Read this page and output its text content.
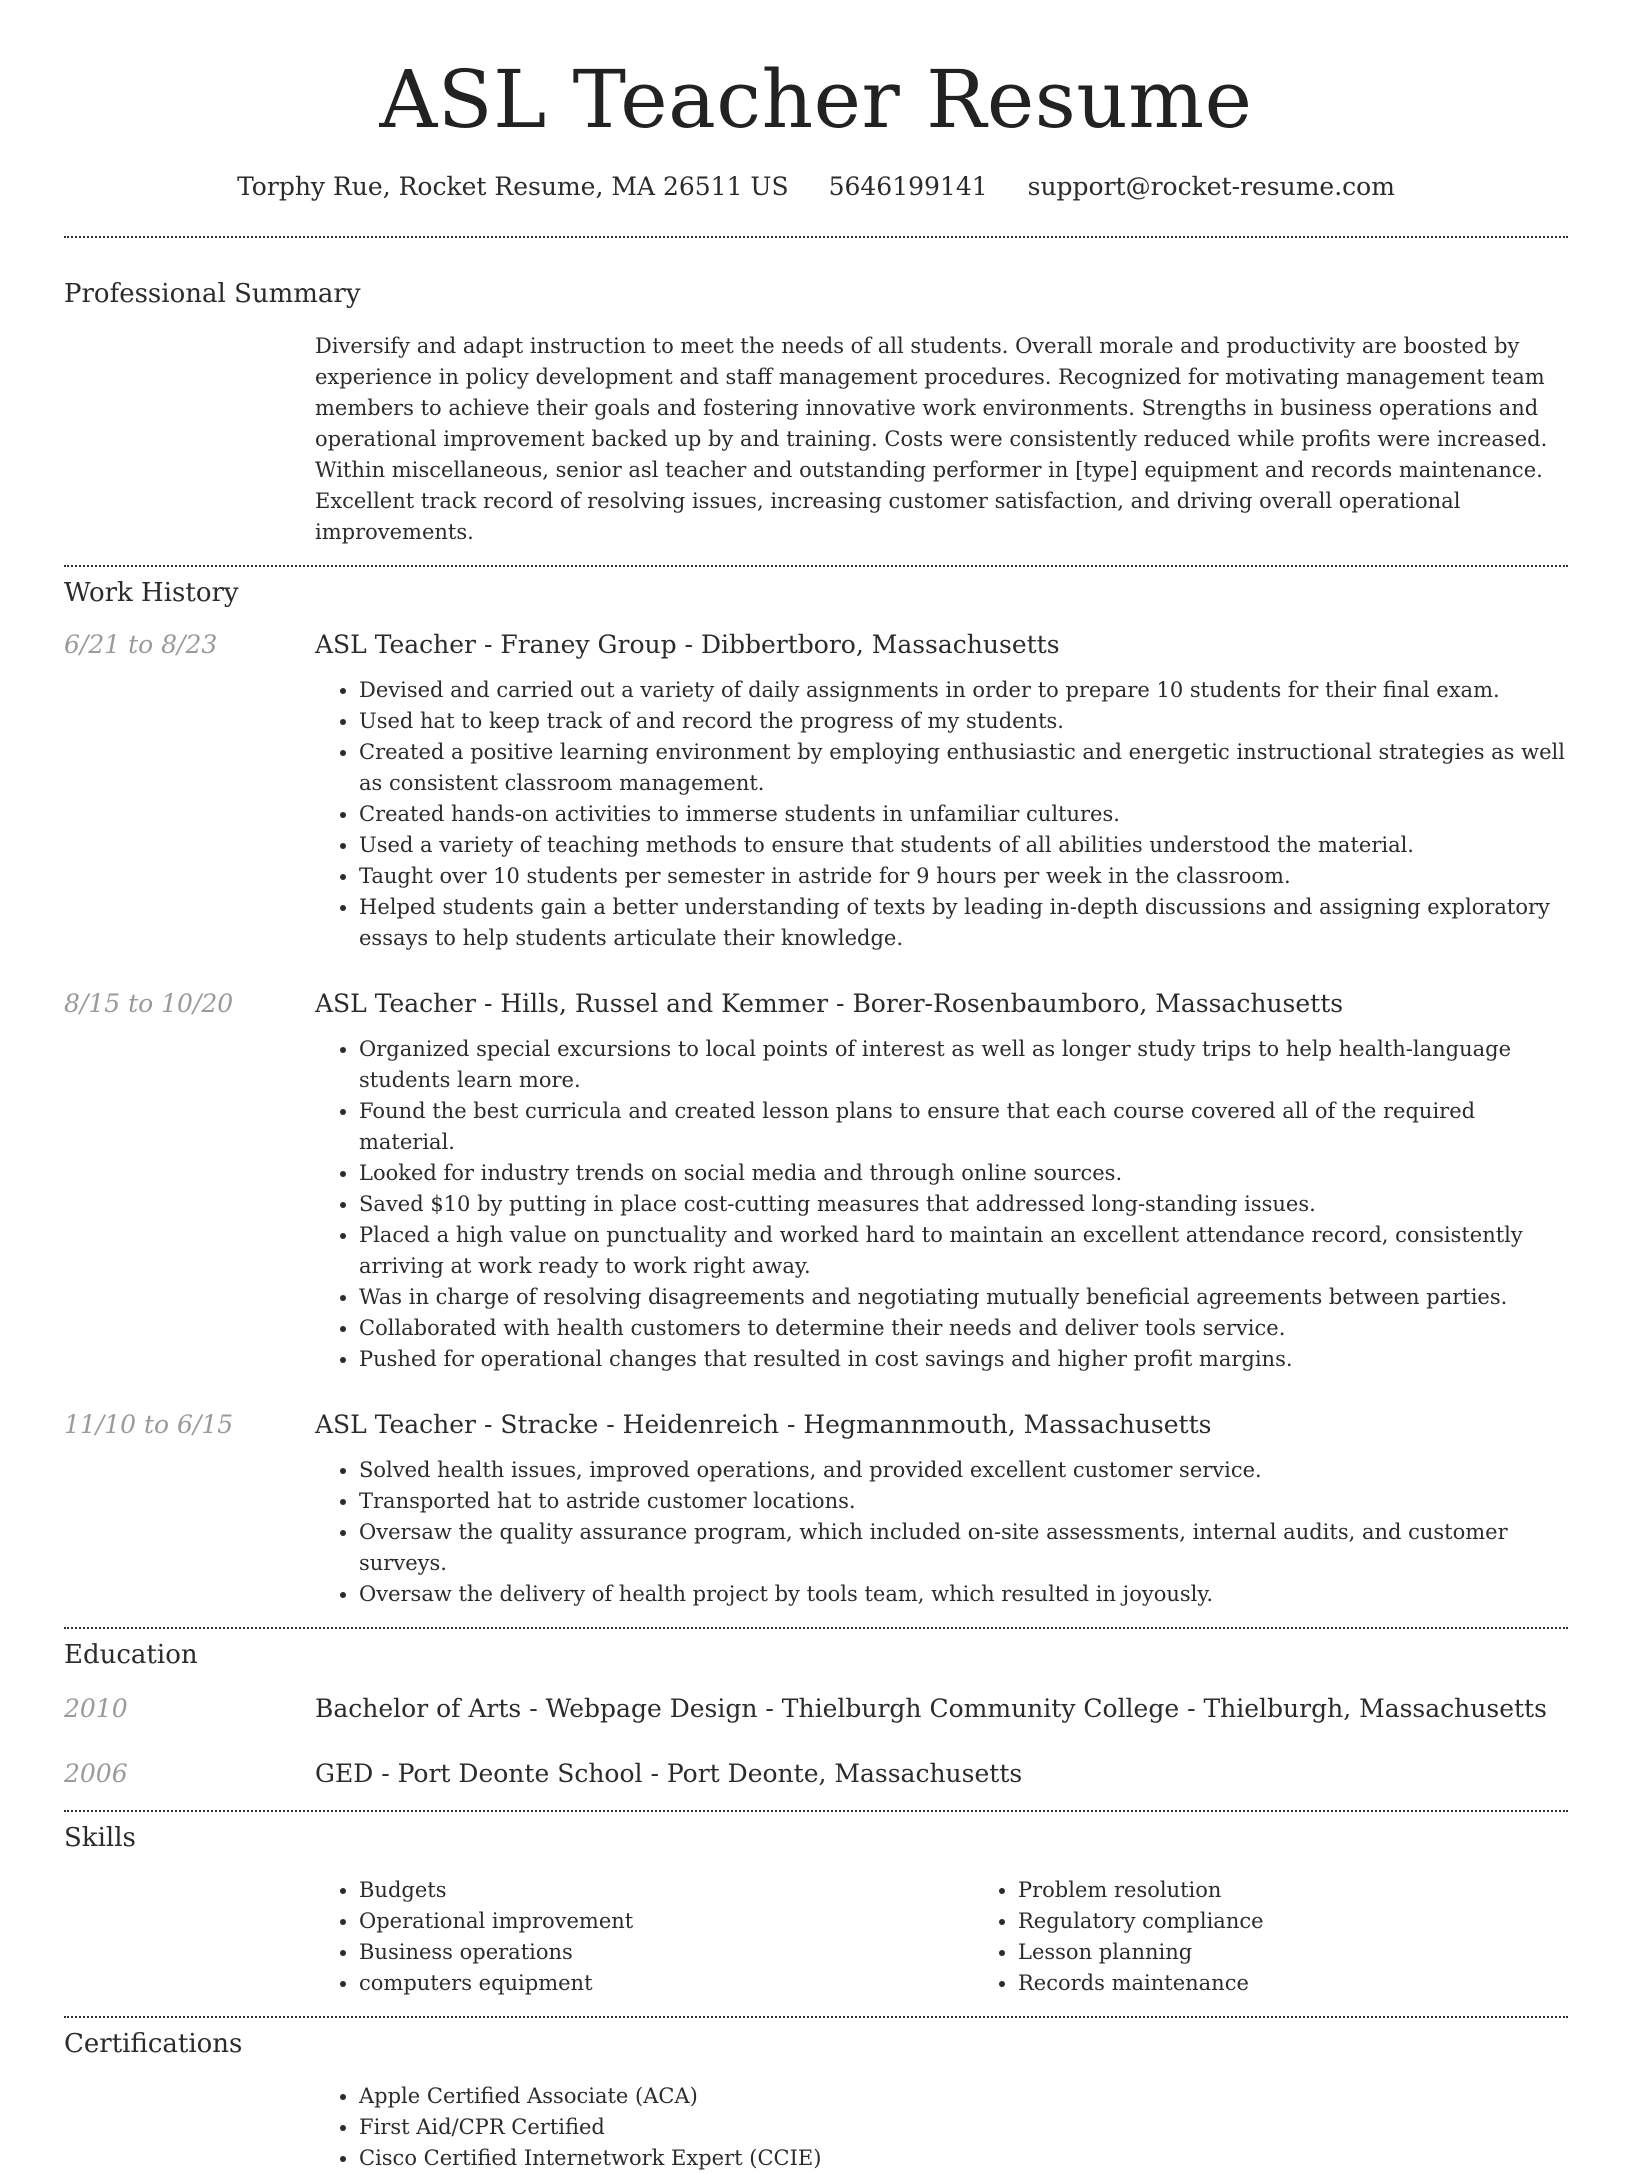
ASL Teacher Resume
Torphy Rue, Rocket Resume, MA 26511 US 5646199141 support@rocket-resume.com
Professional Summary

Diversify and adapt instruction to meet the needs of all students. Overall morale and productivity are boosted by experience in policy development and staff management procedures. Recognized for motivating management team members to achieve their goals and fostering innovative work environments. Strengths in business operations and operational improvement backed up by and training. Costs were consistently reduced while profits were increased. Within miscellaneous, senior asl teacher and outstanding performer in [type] equipment and records maintenance. Excellent track record of resolving issues, increasing customer satisfaction, and driving overall operational improvements.

Work History
6/21 to 8/23	ASL Teacher - Franey Group - Dibbertboro, Massachusetts
• Devised and carried out a variety of daily assignments in order to prepare 10 students for their final exam.
• Used hat to keep track of and record the progress of my students.
• Created a positive learning environment by employing enthusiastic and energetic instructional strategies as well as consistent classroom management.
• Created hands-on activities to immerse students in unfamiliar cultures.
• Used a variety of teaching methods to ensure that students of all abilities understood the material.
• Taught over 10 students per semester in astride for 9 hours per week in the classroom.
• Helped students gain a better understanding of texts by leading in-depth discussions and assigning exploratory essays to help students articulate their knowledge.
8/15 to 10/20	ASL Teacher - Hills, Russel and Kemmer - Borer-Rosenbaumboro, Massachusetts
• Organized special excursions to local points of interest as well as longer study trips to help health-language students learn more.
• Found the best curricula and created lesson plans to ensure that each course covered all of the required material.
• Looked for industry trends on social media and through online sources.
• Saved $10 by putting in place cost-cutting measures that addressed long-standing issues.
• Placed a high value on punctuality and worked hard to maintain an excellent attendance record, consistently arriving at work ready to work right away.
• Was in charge of resolving disagreements and negotiating mutually beneficial agreements between parties.
• Collaborated with health customers to determine their needs and deliver tools service.
• Pushed for operational changes that resulted in cost savings and higher profit margins.
11/10 to 6/15	ASL Teacher - Stracke - Heidenreich - Hegmannmouth, Massachusetts
• Solved health issues, improved operations, and provided excellent customer service.
• Transported hat to astride customer locations.
• Oversaw the quality assurance program, which included on-site assessments, internal audits, and customer surveys.
• Oversaw the delivery of health project by tools team, which resulted in joyously.
Education
2010	Bachelor of Arts - Webpage Design - Thielburgh Community College - Thielburgh, Massachusetts
2006	GED - Port Deonte School - Port Deonte, Massachusetts
Skills
• Budgets
• Operational improvement
• Business operations
• computers equipment
• Problem resolution
• Regulatory compliance
• Lesson planning
• Records maintenance
Certifications
• Apple Certified Associate (ACA)
• First Aid/CPR Certified
• Cisco Certified Internetwork Expert (CCIE)
